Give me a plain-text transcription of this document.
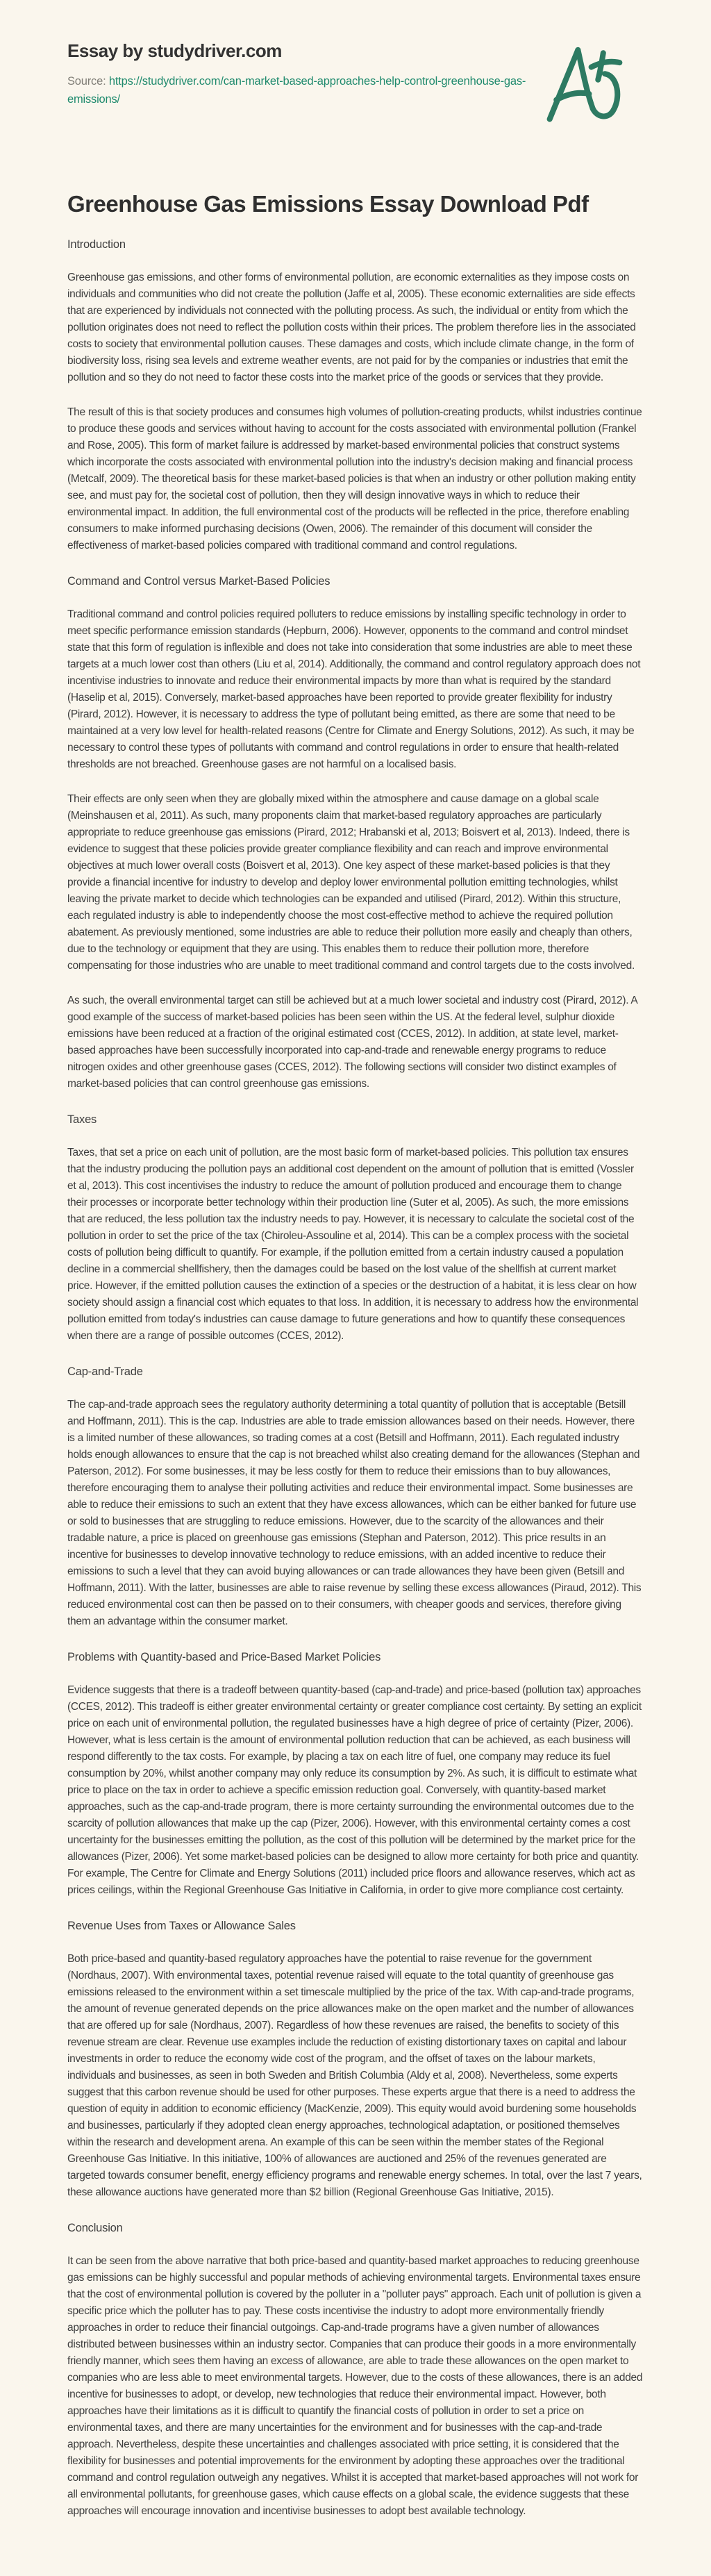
Essay by studydriver.com

Source: https://studydriver.com/can-market-based-approaches-help-control-greenhouse-gas-emissions/

Greenhouse Gas Emissions Essay Download Pdf
Introduction

Greenhouse gas emissions, and other forms of environmental pollution, are economic externalities as they impose costs on individuals and communities who did not create the pollution (Jaffe et al, 2005). These economic externalities are side effects that are experienced by individuals not connected with the polluting process. As such, the individual or entity from which the pollution originates does not need to reflect the pollution costs within their prices. The problem therefore lies in the associated costs to society that environmental pollution causes. These damages and costs, which include climate change, in the form of biodiversity loss, rising sea levels and extreme weather events, are not paid for by the companies or industries that emit the pollution and so they do not need to factor these costs into the market price of the goods or services that they provide.

The result of this is that society produces and consumes high volumes of pollution-creating products, whilst industries continue to produce these goods and services without having to account for the costs associated with environmental pollution (Frankel and Rose, 2005). This form of market failure is addressed by market-based environmental policies that construct systems which incorporate the costs associated with environmental pollution into the industry's decision making and financial process (Metcalf, 2009). The theoretical basis for these market-based policies is that when an industry or other pollution making entity see, and must pay for, the societal cost of pollution, then they will design innovative ways in which to reduce their environmental impact. In addition, the full environmental cost of the products will be reflected in the price, therefore enabling consumers to make informed purchasing decisions (Owen, 2006). The remainder of this document will consider the effectiveness of market-based policies compared with traditional command and control regulations.

Command and Control versus Market-Based Policies

Traditional command and control policies required polluters to reduce emissions by installing specific technology in order to meet specific performance emission standards (Hepburn, 2006). However, opponents to the command and control mindset state that this form of regulation is inflexible and does not take into consideration that some industries are able to meet these targets at a much lower cost than others (Liu et al, 2014). Additionally, the command and control regulatory approach does not incentivise industries to innovate and reduce their environmental impacts by more than what is required by the standard (Haselip et al, 2015). Conversely, market-based approaches have been reported to provide greater flexibility for industry (Pirard, 2012). However, it is necessary to address the type of pollutant being emitted, as there are some that need to be maintained at a very low level for health-related reasons (Centre for Climate and Energy Solutions, 2012). As such, it may be necessary to control these types of pollutants with command and control regulations in order to ensure that health-related thresholds are not breached. Greenhouse gases are not harmful on a localised basis.

Their effects are only seen when they are globally mixed within the atmosphere and cause damage on a global scale (Meinshausen et al, 2011). As such, many proponents claim that market-based regulatory approaches are particularly appropriate to reduce greenhouse gas emissions (Pirard, 2012; Hrabanski et al, 2013; Boisvert et al, 2013). Indeed, there is evidence to suggest that these policies provide greater compliance flexibility and can reach and improve environmental objectives at much lower overall costs (Boisvert et al, 2013). One key aspect of these market-based policies is that they provide a financial incentive for industry to develop and deploy lower environmental pollution emitting technologies, whilst leaving the private market to decide which technologies can be expanded and utilised (Pirard, 2012). Within this structure, each regulated industry is able to independently choose the most cost-effective method to achieve the required pollution abatement. As previously mentioned, some industries are able to reduce their pollution more easily and cheaply than others, due to the technology or equipment that they are using. This enables them to reduce their pollution more, therefore compensating for those industries who are unable to meet traditional command and control targets due to the costs involved.

As such, the overall environmental target can still be achieved but at a much lower societal and industry cost (Pirard, 2012). A good example of the success of market-based policies has been seen within the US. At the federal level, sulphur dioxide emissions have been reduced at a fraction of the original estimated cost (CCES, 2012). In addition, at state level, market-based approaches have been successfully incorporated into cap-and-trade and renewable energy programs to reduce nitrogen oxides and other greenhouse gases (CCES, 2012). The following sections will consider two distinct examples of market-based policies that can control greenhouse gas emissions.

Taxes

Taxes, that set a price on each unit of pollution, are the most basic form of market-based policies. This pollution tax ensures that the industry producing the pollution pays an additional cost dependent on the amount of pollution that is emitted (Vossler et al, 2013). This cost incentivises the industry to reduce the amount of pollution produced and encourage them to change their processes or incorporate better technology within their production line (Suter et al, 2005). As such, the more emissions that are reduced, the less pollution tax the industry needs to pay. However, it is necessary to calculate the societal cost of the pollution in order to set the price of the tax (Chiroleu-Assouline et al, 2014). This can be a complex process with the societal costs of pollution being difficult to quantify. For example, if the pollution emitted from a certain industry caused a population decline in a commercial shellfishery, then the damages could be based on the lost value of the shellfish at current market price. However, if the emitted pollution causes the extinction of a species or the destruction of a habitat, it is less clear on how society should assign a financial cost which equates to that loss. In addition, it is necessary to address how the environmental pollution emitted from today's industries can cause damage to future generations and how to quantify these consequences when there are a range of possible outcomes (CCES, 2012).

Cap-and-Trade

The cap-and-trade approach sees the regulatory authority determining a total quantity of pollution that is acceptable (Betsill and Hoffmann, 2011). This is the cap. Industries are able to trade emission allowances based on their needs. However, there is a limited number of these allowances, so trading comes at a cost (Betsill and Hoffmann, 2011). Each regulated industry holds enough allowances to ensure that the cap is not breached whilst also creating demand for the allowances (Stephan and Paterson, 2012). For some businesses, it may be less costly for them to reduce their emissions than to buy allowances, therefore encouraging them to analyse their polluting activities and reduce their environmental impact. Some businesses are able to reduce their emissions to such an extent that they have excess allowances, which can be either banked for future use or sold to businesses that are struggling to reduce emissions. However, due to the scarcity of the allowances and their tradable nature, a price is placed on greenhouse gas emissions (Stephan and Paterson, 2012). This price results in an incentive for businesses to develop innovative technology to reduce emissions, with an added incentive to reduce their emissions to such a level that they can avoid buying allowances or can trade allowances they have been given (Betsill and Hoffmann, 2011). With the latter, businesses are able to raise revenue by selling these excess allowances (Piraud, 2012). This reduced environmental cost can then be passed on to their consumers, with cheaper goods and services, therefore giving them an advantage within the consumer market.

Problems with Quantity-based and Price-Based Market Policies

Evidence suggests that there is a tradeoff between quantity-based (cap-and-trade) and price-based (pollution tax) approaches (CCES, 2012). This tradeoff is either greater environmental certainty or greater compliance cost certainty. By setting an explicit price on each unit of environmental pollution, the regulated businesses have a high degree of price of certainty (Pizer, 2006). However, what is less certain is the amount of environmental pollution reduction that can be achieved, as each business will respond differently to the tax costs. For example, by placing a tax on each litre of fuel, one company may reduce its fuel consumption by 20%, whilst another company may only reduce its consumption by 2%. As such, it is difficult to estimate what price to place on the tax in order to achieve a specific emission reduction goal. Conversely, with quantity-based market approaches, such as the cap-and-trade program, there is more certainty surrounding the environmental outcomes due to the scarcity of pollution allowances that make up the cap (Pizer, 2006). However, with this environmental certainty comes a cost uncertainty for the businesses emitting the pollution, as the cost of this pollution will be determined by the market price for the allowances (Pizer, 2006). Yet some market-based policies can be designed to allow more certainty for both price and quantity. For example, The Centre for Climate and Energy Solutions (2011) included price floors and allowance reserves, which act as prices ceilings, within the Regional Greenhouse Gas Initiative in California, in order to give more compliance cost certainty.

Revenue Uses from Taxes or Allowance Sales

Both price-based and quantity-based regulatory approaches have the potential to raise revenue for the government (Nordhaus, 2007). With environmental taxes, potential revenue raised will equate to the total quantity of greenhouse gas emissions released to the environment within a set timescale multiplied by the price of the tax. With cap-and-trade programs, the amount of revenue generated depends on the price allowances make on the open market and the number of allowances that are offered up for sale (Nordhaus, 2007). Regardless of how these revenues are raised, the benefits to society of this revenue stream are clear. Revenue use examples include the reduction of existing distortionary taxes on capital and labour investments in order to reduce the economy wide cost of the program, and the offset of taxes on the labour markets, individuals and businesses, as seen in both Sweden and British Columbia (Aldy et al, 2008). Nevertheless, some experts suggest that this carbon revenue should be used for other purposes. These experts argue that there is a need to address the question of equity in addition to economic efficiency (MacKenzie, 2009). This equity would avoid burdening some households and businesses, particularly if they adopted clean energy approaches, technological adaptation, or positioned themselves within the research and development arena. An example of this can be seen within the member states of the Regional Greenhouse Gas Initiative. In this initiative, 100% of allowances are auctioned and 25% of the revenues generated are targeted towards consumer benefit, energy efficiency programs and renewable energy schemes. In total, over the last 7 years, these allowance auctions have generated more than $2 billion (Regional Greenhouse Gas Initiative, 2015).

Conclusion

It can be seen from the above narrative that both price-based and quantity-based market approaches to reducing greenhouse gas emissions can be highly successful and popular methods of achieving environmental targets. Environmental taxes ensure that the cost of environmental pollution is covered by the polluter in a "polluter pays" approach. Each unit of pollution is given a specific price which the polluter has to pay. These costs incentivise the industry to adopt more environmentally friendly approaches in order to reduce their financial outgoings. Cap-and-trade programs have a given number of allowances distributed between businesses within an industry sector. Companies that can produce their goods in a more environmentally friendly manner, which sees them having an excess of allowance, are able to trade these allowances on the open market to companies who are less able to meet environmental targets. However, due to the costs of these allowances, there is an added incentive for businesses to adopt, or develop, new technologies that reduce their environmental impact. However, both approaches have their limitations as it is difficult to quantify the financial costs of pollution in order to set a price on environmental taxes, and there are many uncertainties for the environment and for businesses with the cap-and-trade approach. Nevertheless, despite these uncertainties and challenges associated with price setting, it is considered that the flexibility for businesses and potential improvements for the environment by adopting these approaches over the traditional command and control regulation outweigh any negatives. Whilst it is accepted that market-based approaches will not work for all environmental pollutants, for greenhouse gases, which cause effects on a global scale, the evidence suggests that these approaches will encourage innovation and incentivise businesses to adopt best available technology.
